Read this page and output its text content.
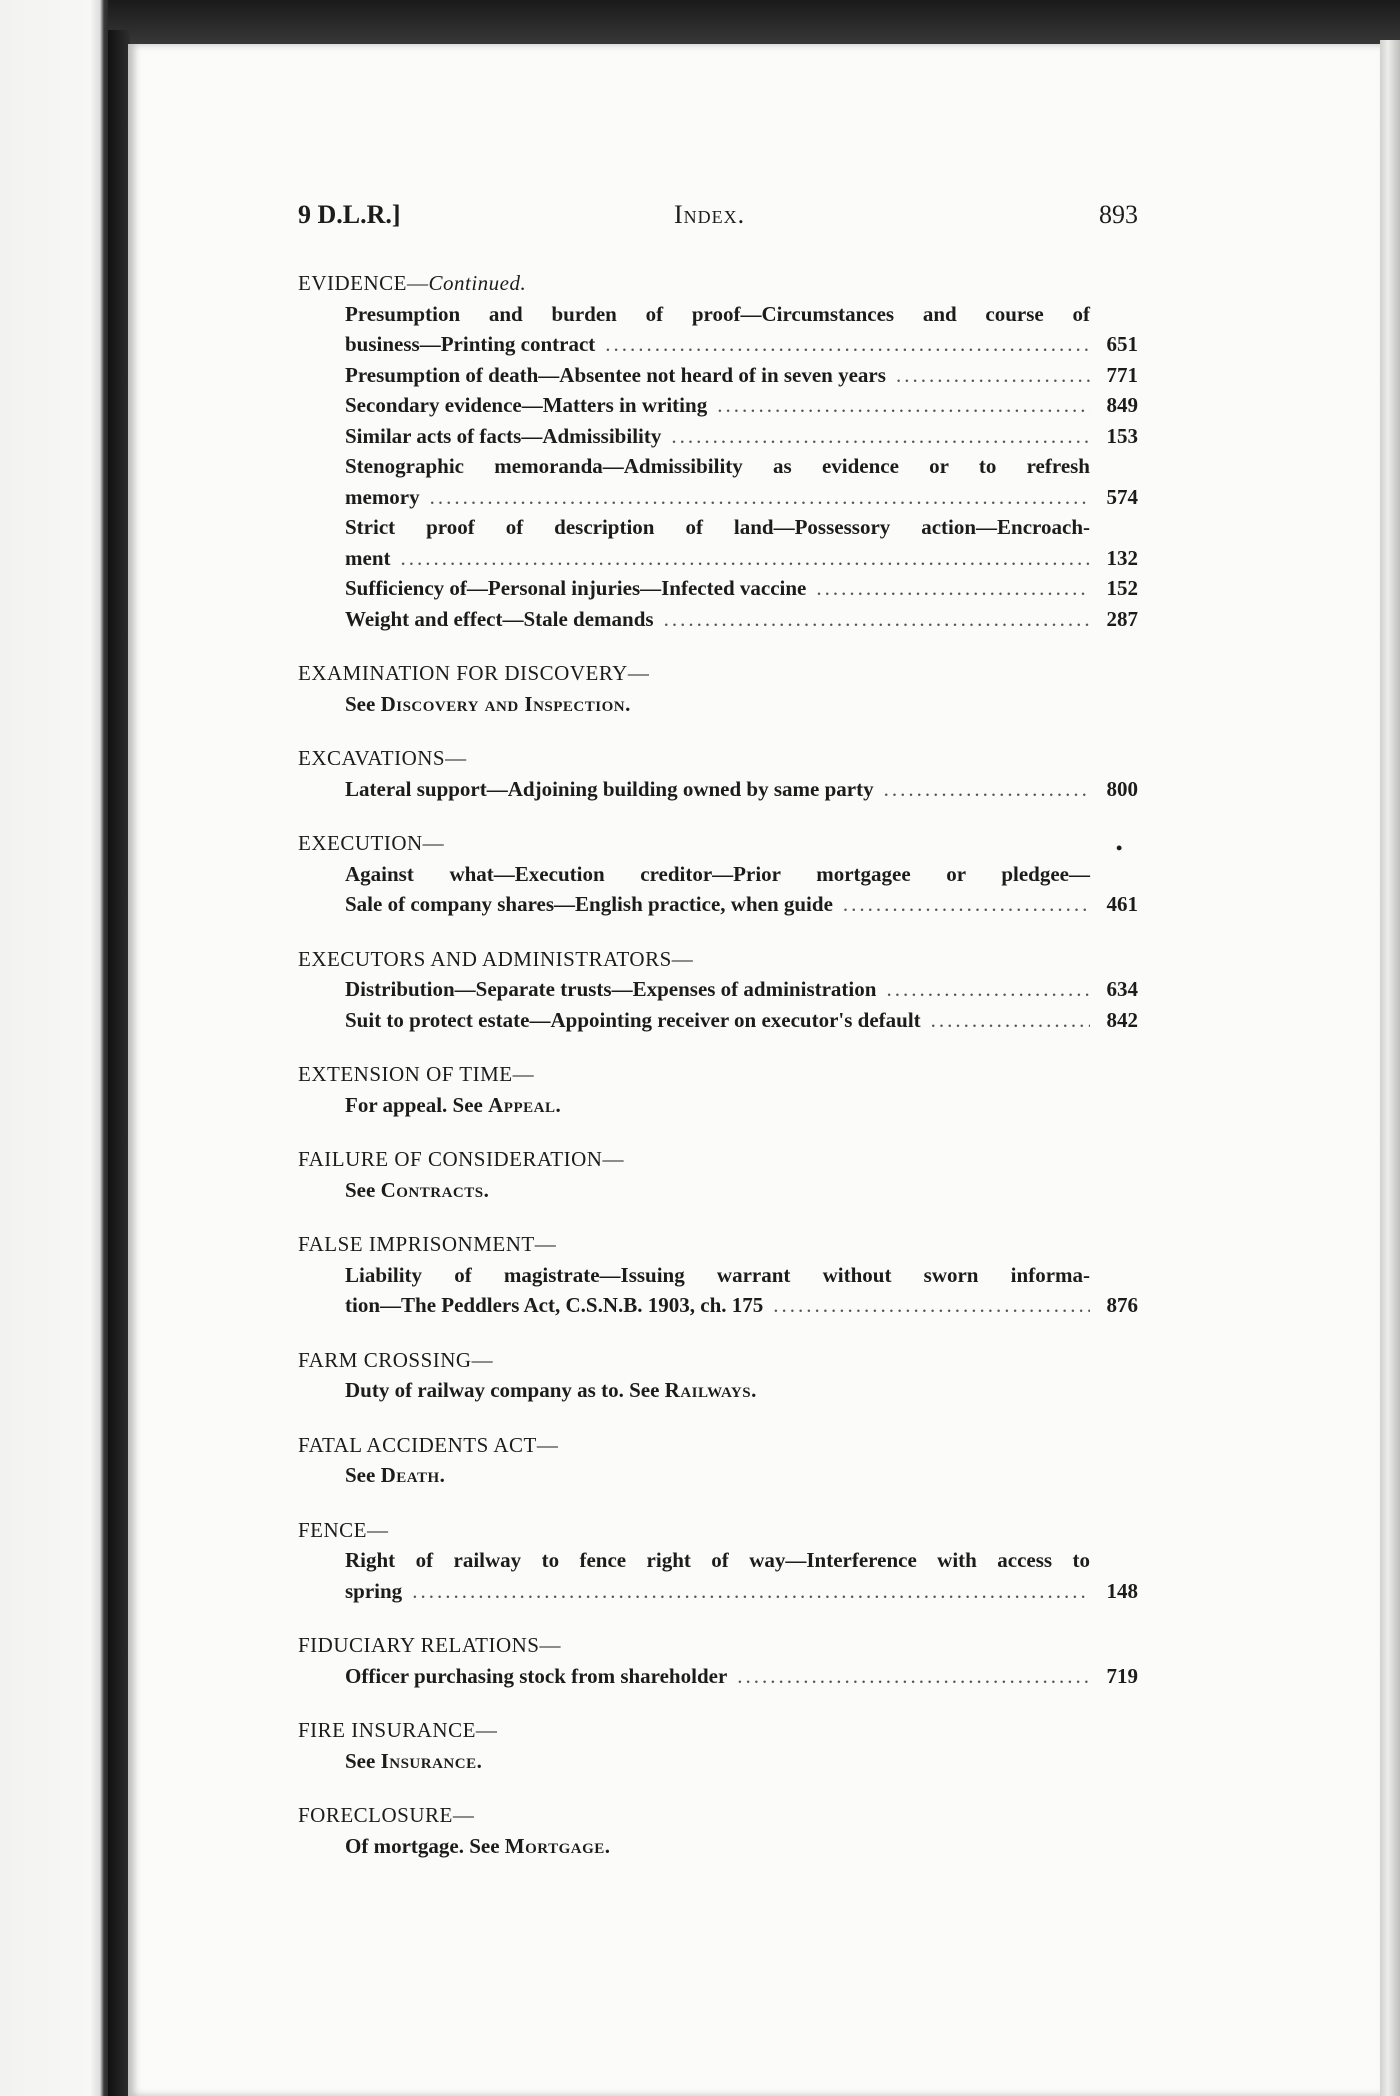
9 D.L.R.]	Index.	893
EVIDENCE—Continued.
Presumption and burden of proof—Circumstances and course of
business—Printing contract .....	651
Presumption of death—Absentee not heard of in seven years .....	771
Secondary evidence—Matters in writing .....	849
Similar acts of facts—Admissibility .....	153
Stenographic memoranda—Admissibility as evidence or to refresh
memory .....	574
Strict proof of description of land—Possessory action—Encroach-
ment .....	132
Sufficiency of—Personal injuries—Infected vaccine .....	152
Weight and effect—Stale demands .....	287
EXAMINATION FOR DISCOVERY—
See Discovery and Inspection.
EXCAVATIONS—
Lateral support—Adjoining building owned by same party .....	800
EXECUTION—
Against what—Execution creditor—Prior mortgagee or pledgee—
Sale of company shares—English practice, when guide .....	461
EXECUTORS AND ADMINISTRATORS—
Distribution—Separate trusts—Expenses of administration .....	634
Suit to protect estate—Appointing receiver on executor's default .....	842
EXTENSION OF TIME—
For appeal. See Appeal.
FAILURE OF CONSIDERATION—
See Contracts.
FALSE IMPRISONMENT—
Liability of magistrate—Issuing warrant without sworn informa-
tion—The Peddlers Act, C.S.N.B. 1903, ch. 175 .....	876
FARM CROSSING—
Duty of railway company as to. See Railways.
FATAL ACCIDENTS ACT—
See Death.
FENCE—
Right of railway to fence right of way—Interference with access to
spring .....	148
FIDUCIARY RELATIONS—
Officer purchasing stock from shareholder .....	719
FIRE INSURANCE—
See Insurance.
FORECLOSURE—
Of mortgage. See Mortgage.
•
